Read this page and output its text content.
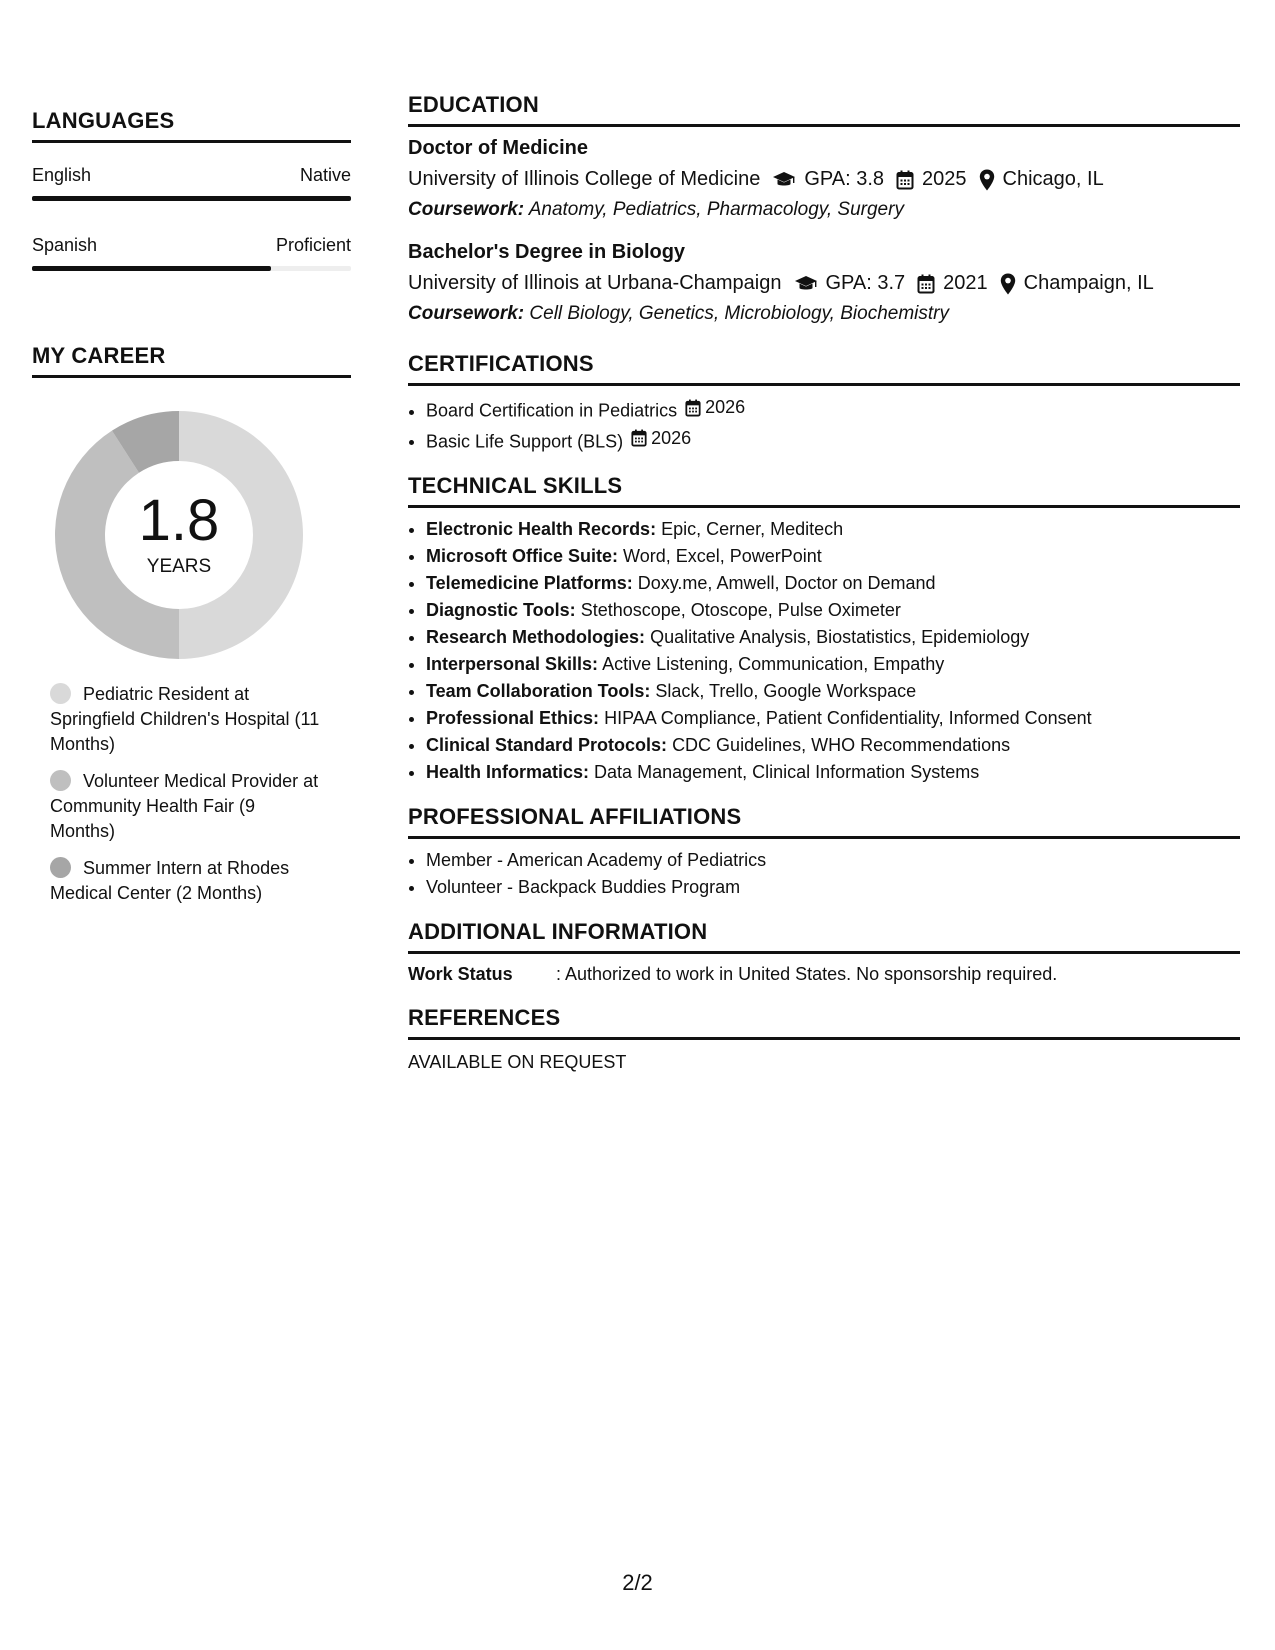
LANGUAGES
English	Native
Spanish	Proficient
MY CAREER
1.8
YEARS
Pediatric Resident at Springfield Children's Hospital (11 Months)
Volunteer Medical Provider at Community Health Fair (9 Months)
Summer Intern at Rhodes Medical Center (2 Months)
EDUCATION
Doctor of Medicine
University of Illinois College of Medicine GPA: 3.8 2025 Chicago, IL
Coursework: Anatomy, Pediatrics, Pharmacology, Surgery
Bachelor's Degree in Biology
University of Illinois at Urbana-Champaign GPA: 3.7 2021 Champaign, IL
Coursework: Cell Biology, Genetics, Microbiology, Biochemistry
CERTIFICATIONS
• Board Certification in Pediatrics 2026
• Basic Life Support (BLS) 2026
TECHNICAL SKILLS
• Electronic Health Records: Epic, Cerner, Meditech
• Microsoft Office Suite: Word, Excel, PowerPoint
• Telemedicine Platforms: Doxy.me, Amwell, Doctor on Demand
• Diagnostic Tools: Stethoscope, Otoscope, Pulse Oximeter
• Research Methodologies: Qualitative Analysis, Biostatistics, Epidemiology
• Interpersonal Skills: Active Listening, Communication, Empathy
• Team Collaboration Tools: Slack, Trello, Google Workspace
• Professional Ethics: HIPAA Compliance, Patient Confidentiality, Informed Consent
• Clinical Standard Protocols: CDC Guidelines, WHO Recommendations
• Health Informatics: Data Management, Clinical Information Systems
PROFESSIONAL AFFILIATIONS
• Member - American Academy of Pediatrics
• Volunteer - Backpack Buddies Program
ADDITIONAL INFORMATION
Work Status	: Authorized to work in United States. No sponsorship required.
REFERENCES
AVAILABLE ON REQUEST
2/2
